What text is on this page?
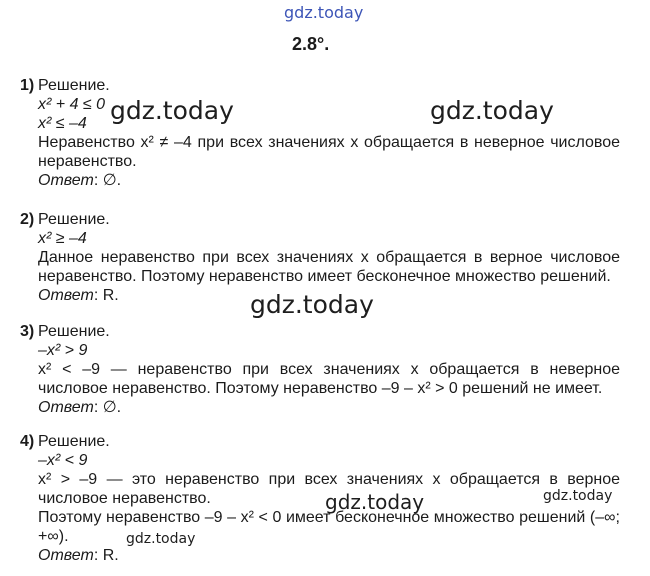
gdz.today
2.8°.
1) Решение.
x² + 4 ≤ 0
x² ≤ –4
Неравенство x² ≠ –4 при всех значениях x обращается в неверное числовое неравенство.
Ответ: ∅.
2) Решение.
x² ≥ –4
Данное неравенство при всех значениях x обращается в верное числовое неравенство. Поэтому неравенство имеет бесконечное множество решений.
Ответ: R.
3) Решение.
–x² > 9
x² < –9 — неравенство при всех значениях x обращается в неверное числовое неравенство. Поэтому неравенство –9 – x² > 0 решений не имеет.
Ответ: ∅.
4) Решение.
–x² < 9
x² > –9 — это неравенство при всех значениях x обращается в верное числовое неравенство.
Поэтому неравенство –9 – x² < 0 имеет бесконечное множество решений (–∞; +∞).
Ответ: R.
gdz.today	gdz.today
gdz.today
gdz.today	gdz.today
gdz.today
